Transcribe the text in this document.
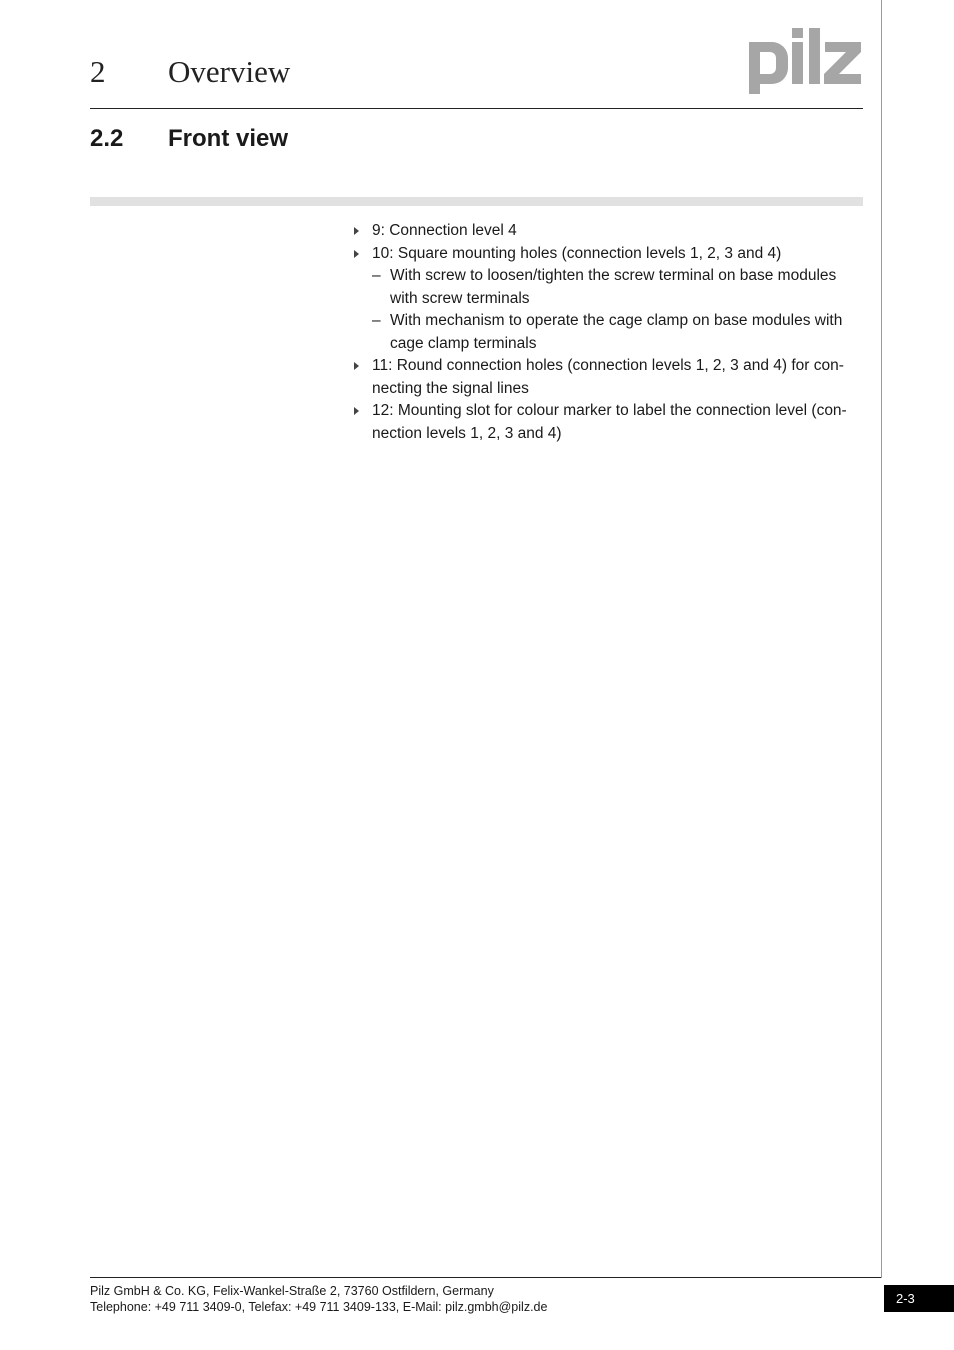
2 Overview
2.2 Front view
9: Connection level 4
10: Square mounting holes (connection levels 1, 2, 3 and 4)
– With screw to loosen/tighten the screw terminal on base modules
with screw terminals
– With mechanism to operate the cage clamp on base modules with
cage clamp terminals
11: Round connection holes (connection levels 1, 2, 3 and 4) for con-
necting the signal lines
12: Mounting slot for colour marker to label the connection level (con-
nection levels 1, 2, 3 and 4)
Pilz GmbH & Co. KG, Felix-Wankel-Straße 2, 73760 Ostfildern, Germany
Telephone: +49 711 3409-0, Telefax: +49 711 3409-133, E-Mail: pilz.gmbh@pilz.de
2-3
